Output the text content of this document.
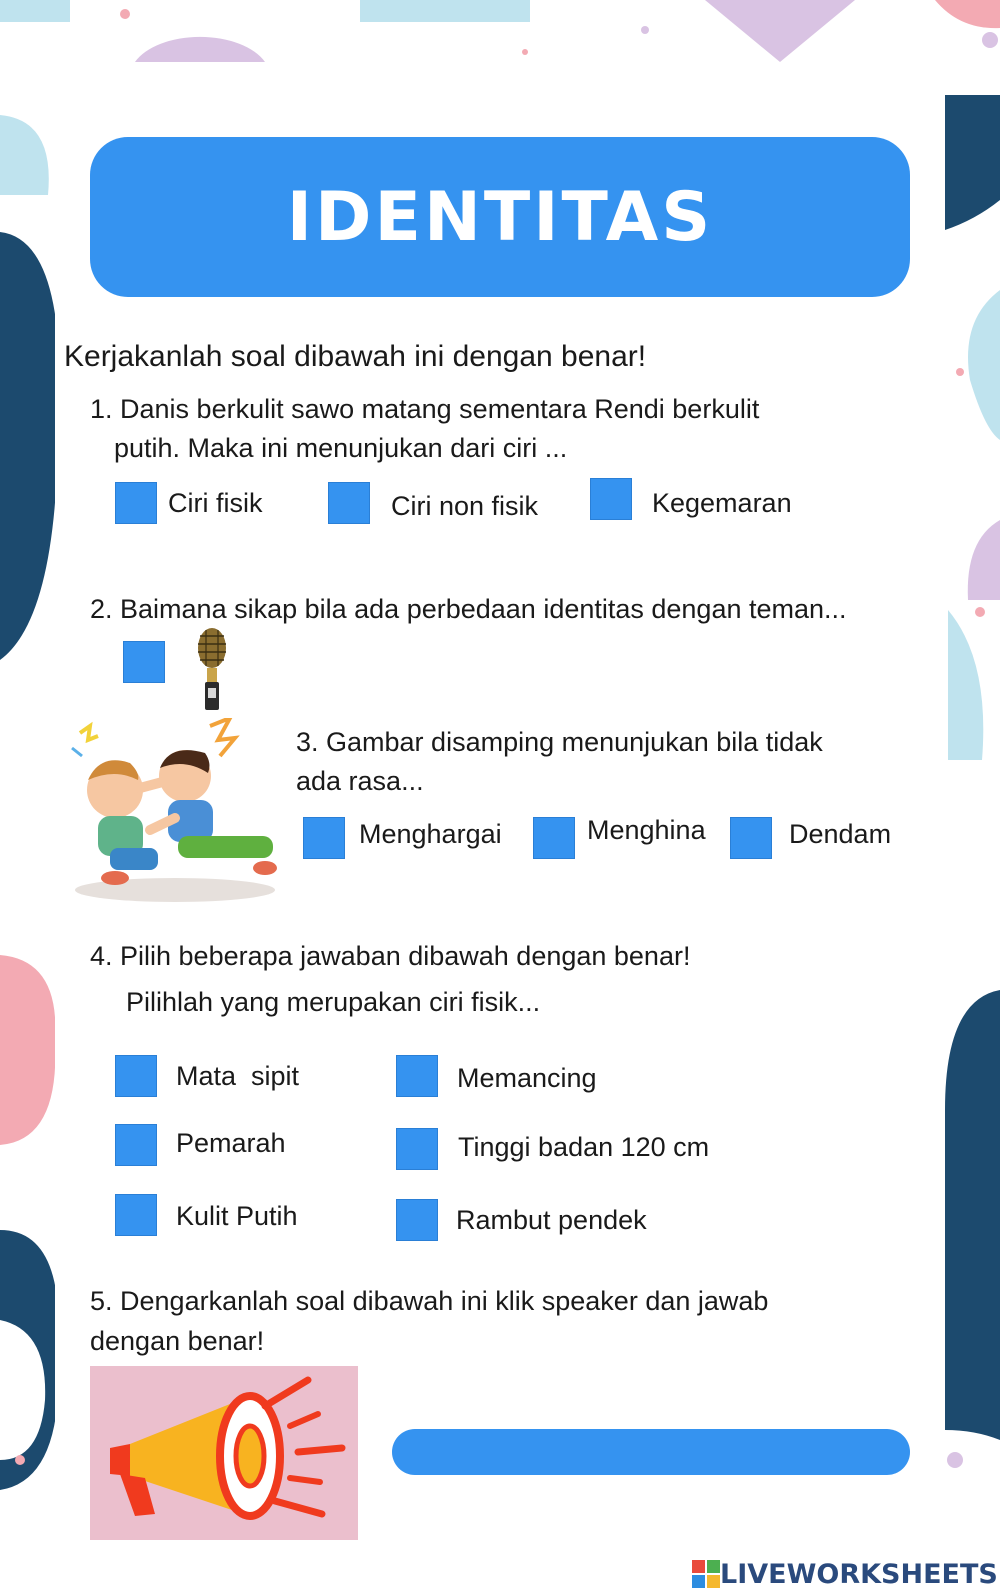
IDENTITAS
Kerjakanlah soal dibawah ini dengan benar!
1. Danis berkulit sawo matang sementara Rendi berkulit
putih. Maka ini menunjukan dari ciri ...
Ciri fisik	Ciri non fisik	Kegemaran
2. Baimana sikap bila ada perbedaan identitas dengan teman...
3. Gambar disamping menunjukan bila tidak
ada rasa...
Menghargai	Menghina	Dendam
4. Pilih beberapa jawaban dibawah dengan benar!
Pilihlah yang merupakan ciri fisik...
Mata  sipit	Memancing
Pemarah	Tinggi badan 120 cm
Kulit Putih	Rambut pendek
5. Dengarkanlah soal dibawah ini klik speaker dan jawab
dengan benar!
LIVEWORKSHEETS
